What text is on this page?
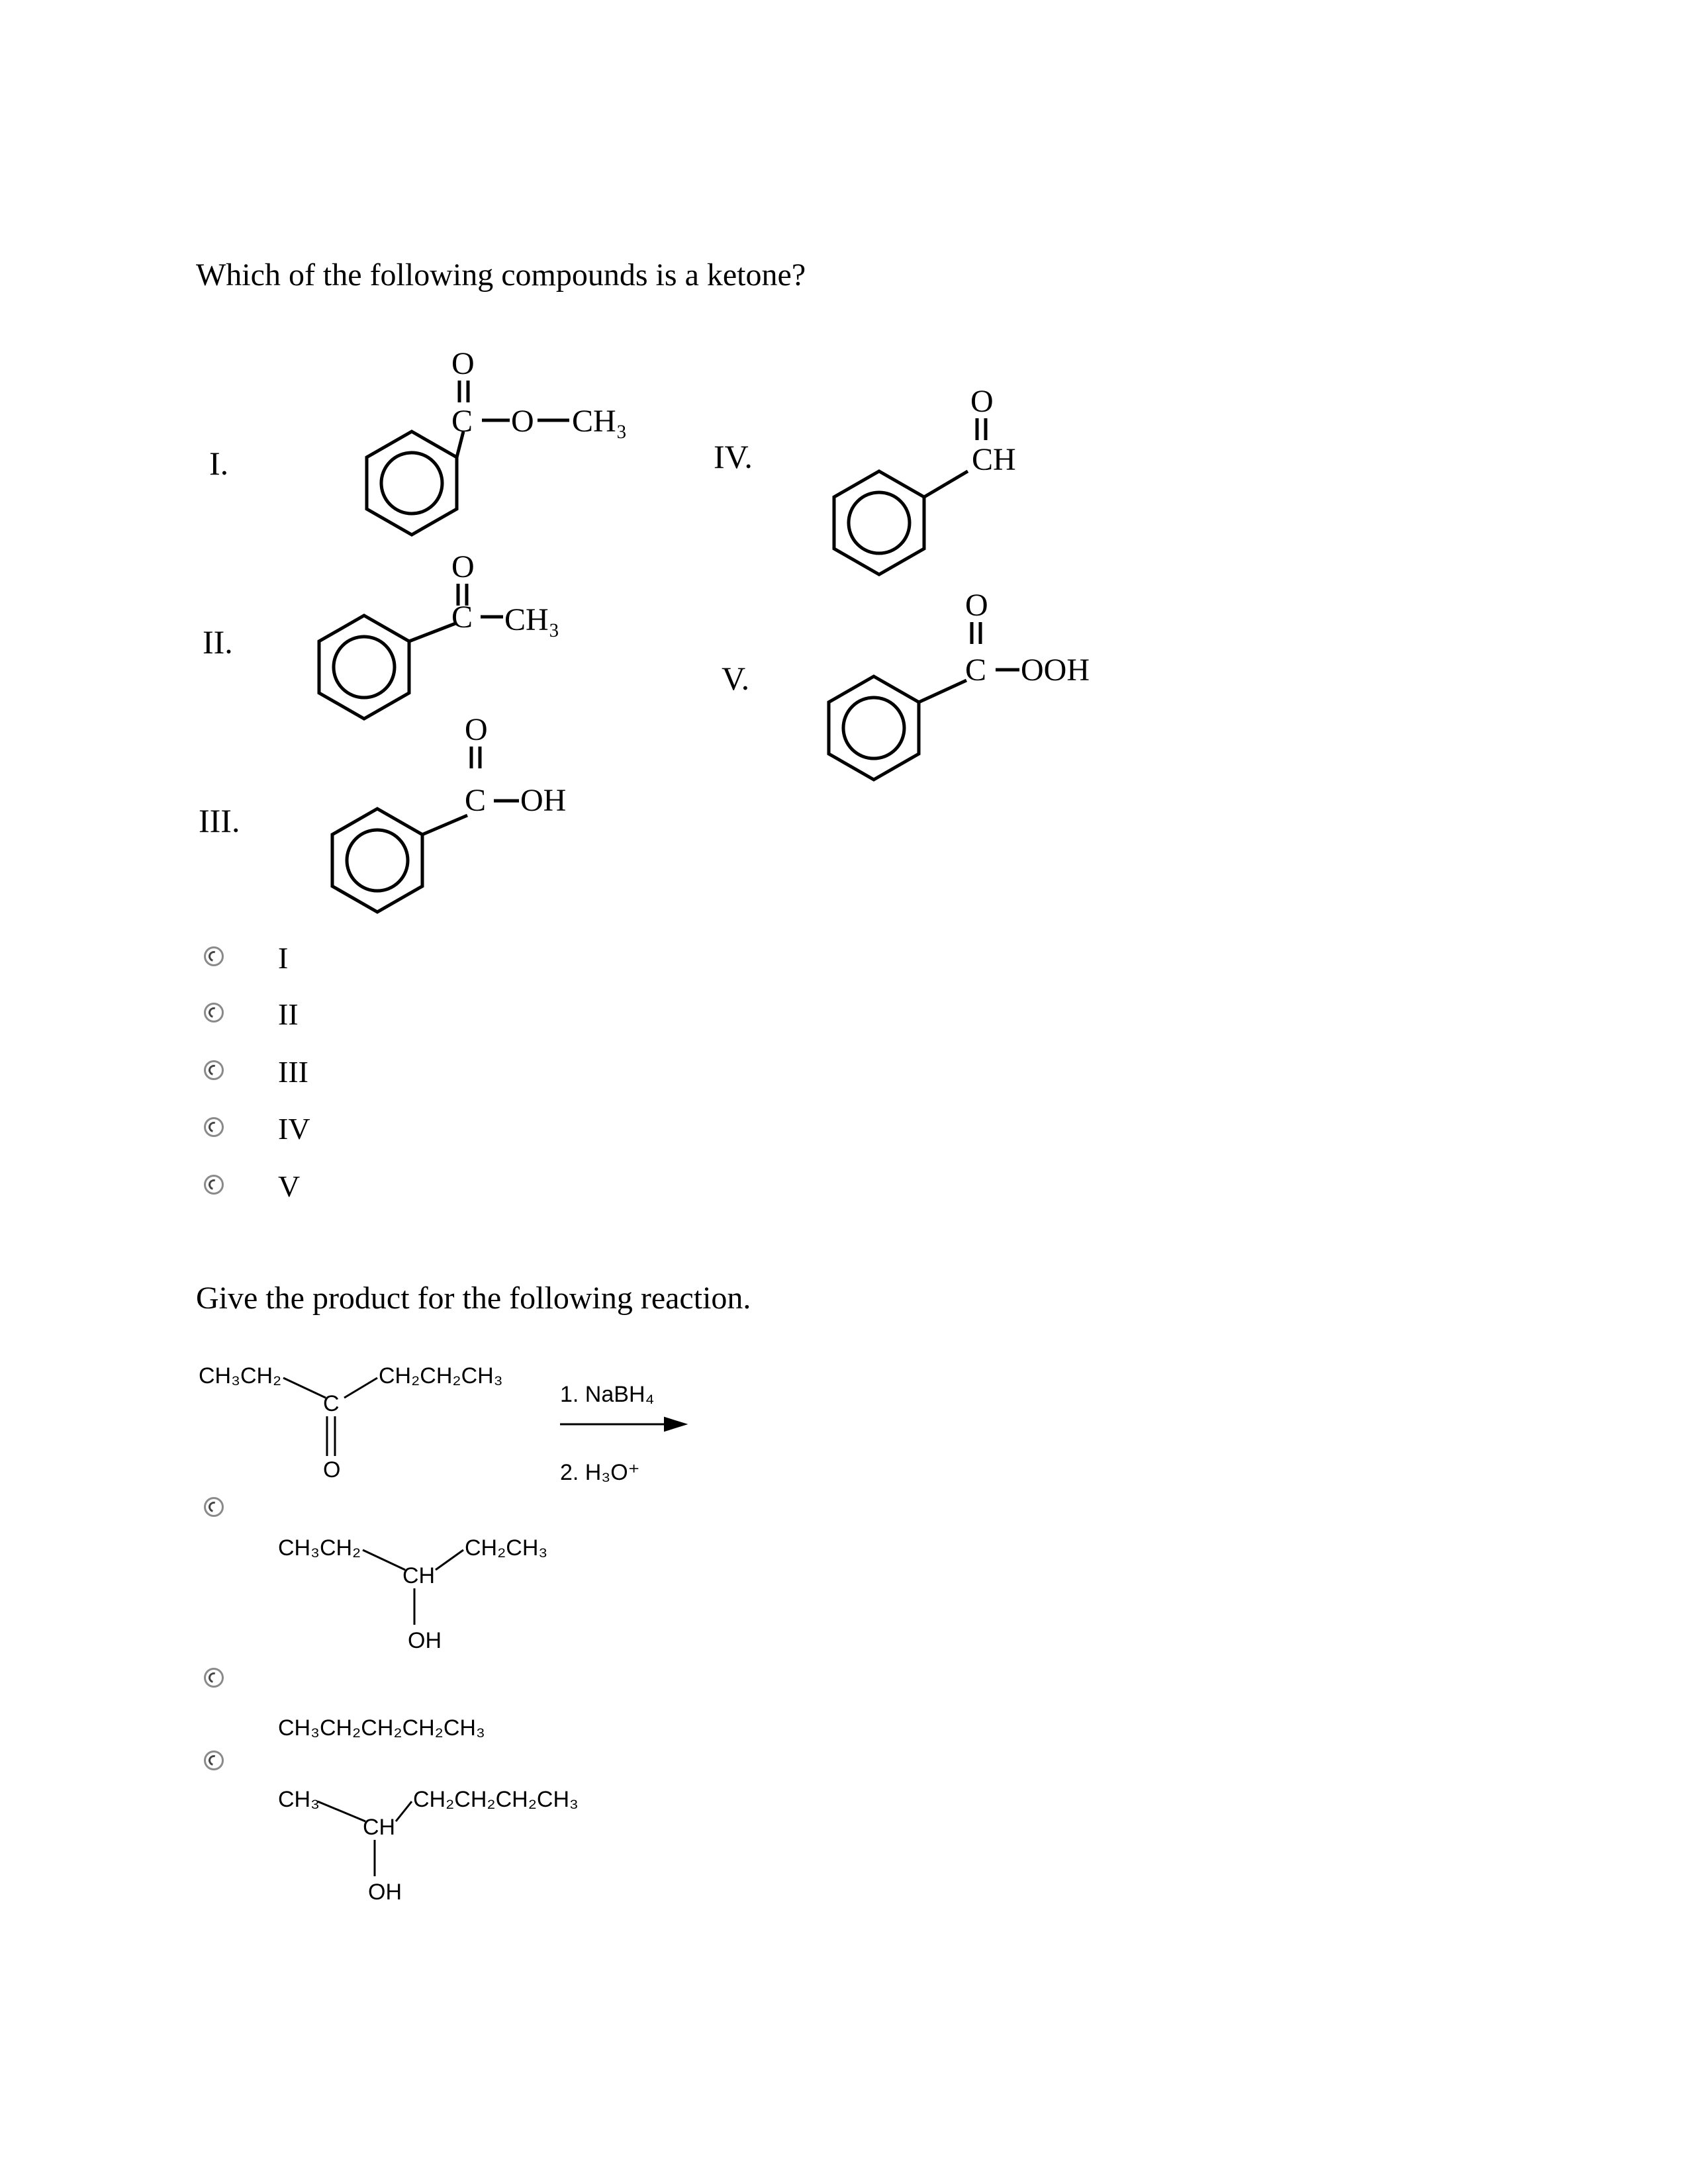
Which of the following compounds is a ketone?
I.
II.
III.
IV.
V.
O
C O CH₃
O
C CH₃
O
C OH
O
CH
O
C OOH
CH₃CH₂
C
CH₂CH₂CH₃
O
1. NaBH₄
2. H₃O⁺
CH₃CH₂
CH
CH₂CH₃
OH
CH₃CH₂CH₂CH₂CH₃
CH₃
CH
CH₂CH₂CH₂CH₃
OH
I
II
III
IV
V
Give the product for the following reaction.
